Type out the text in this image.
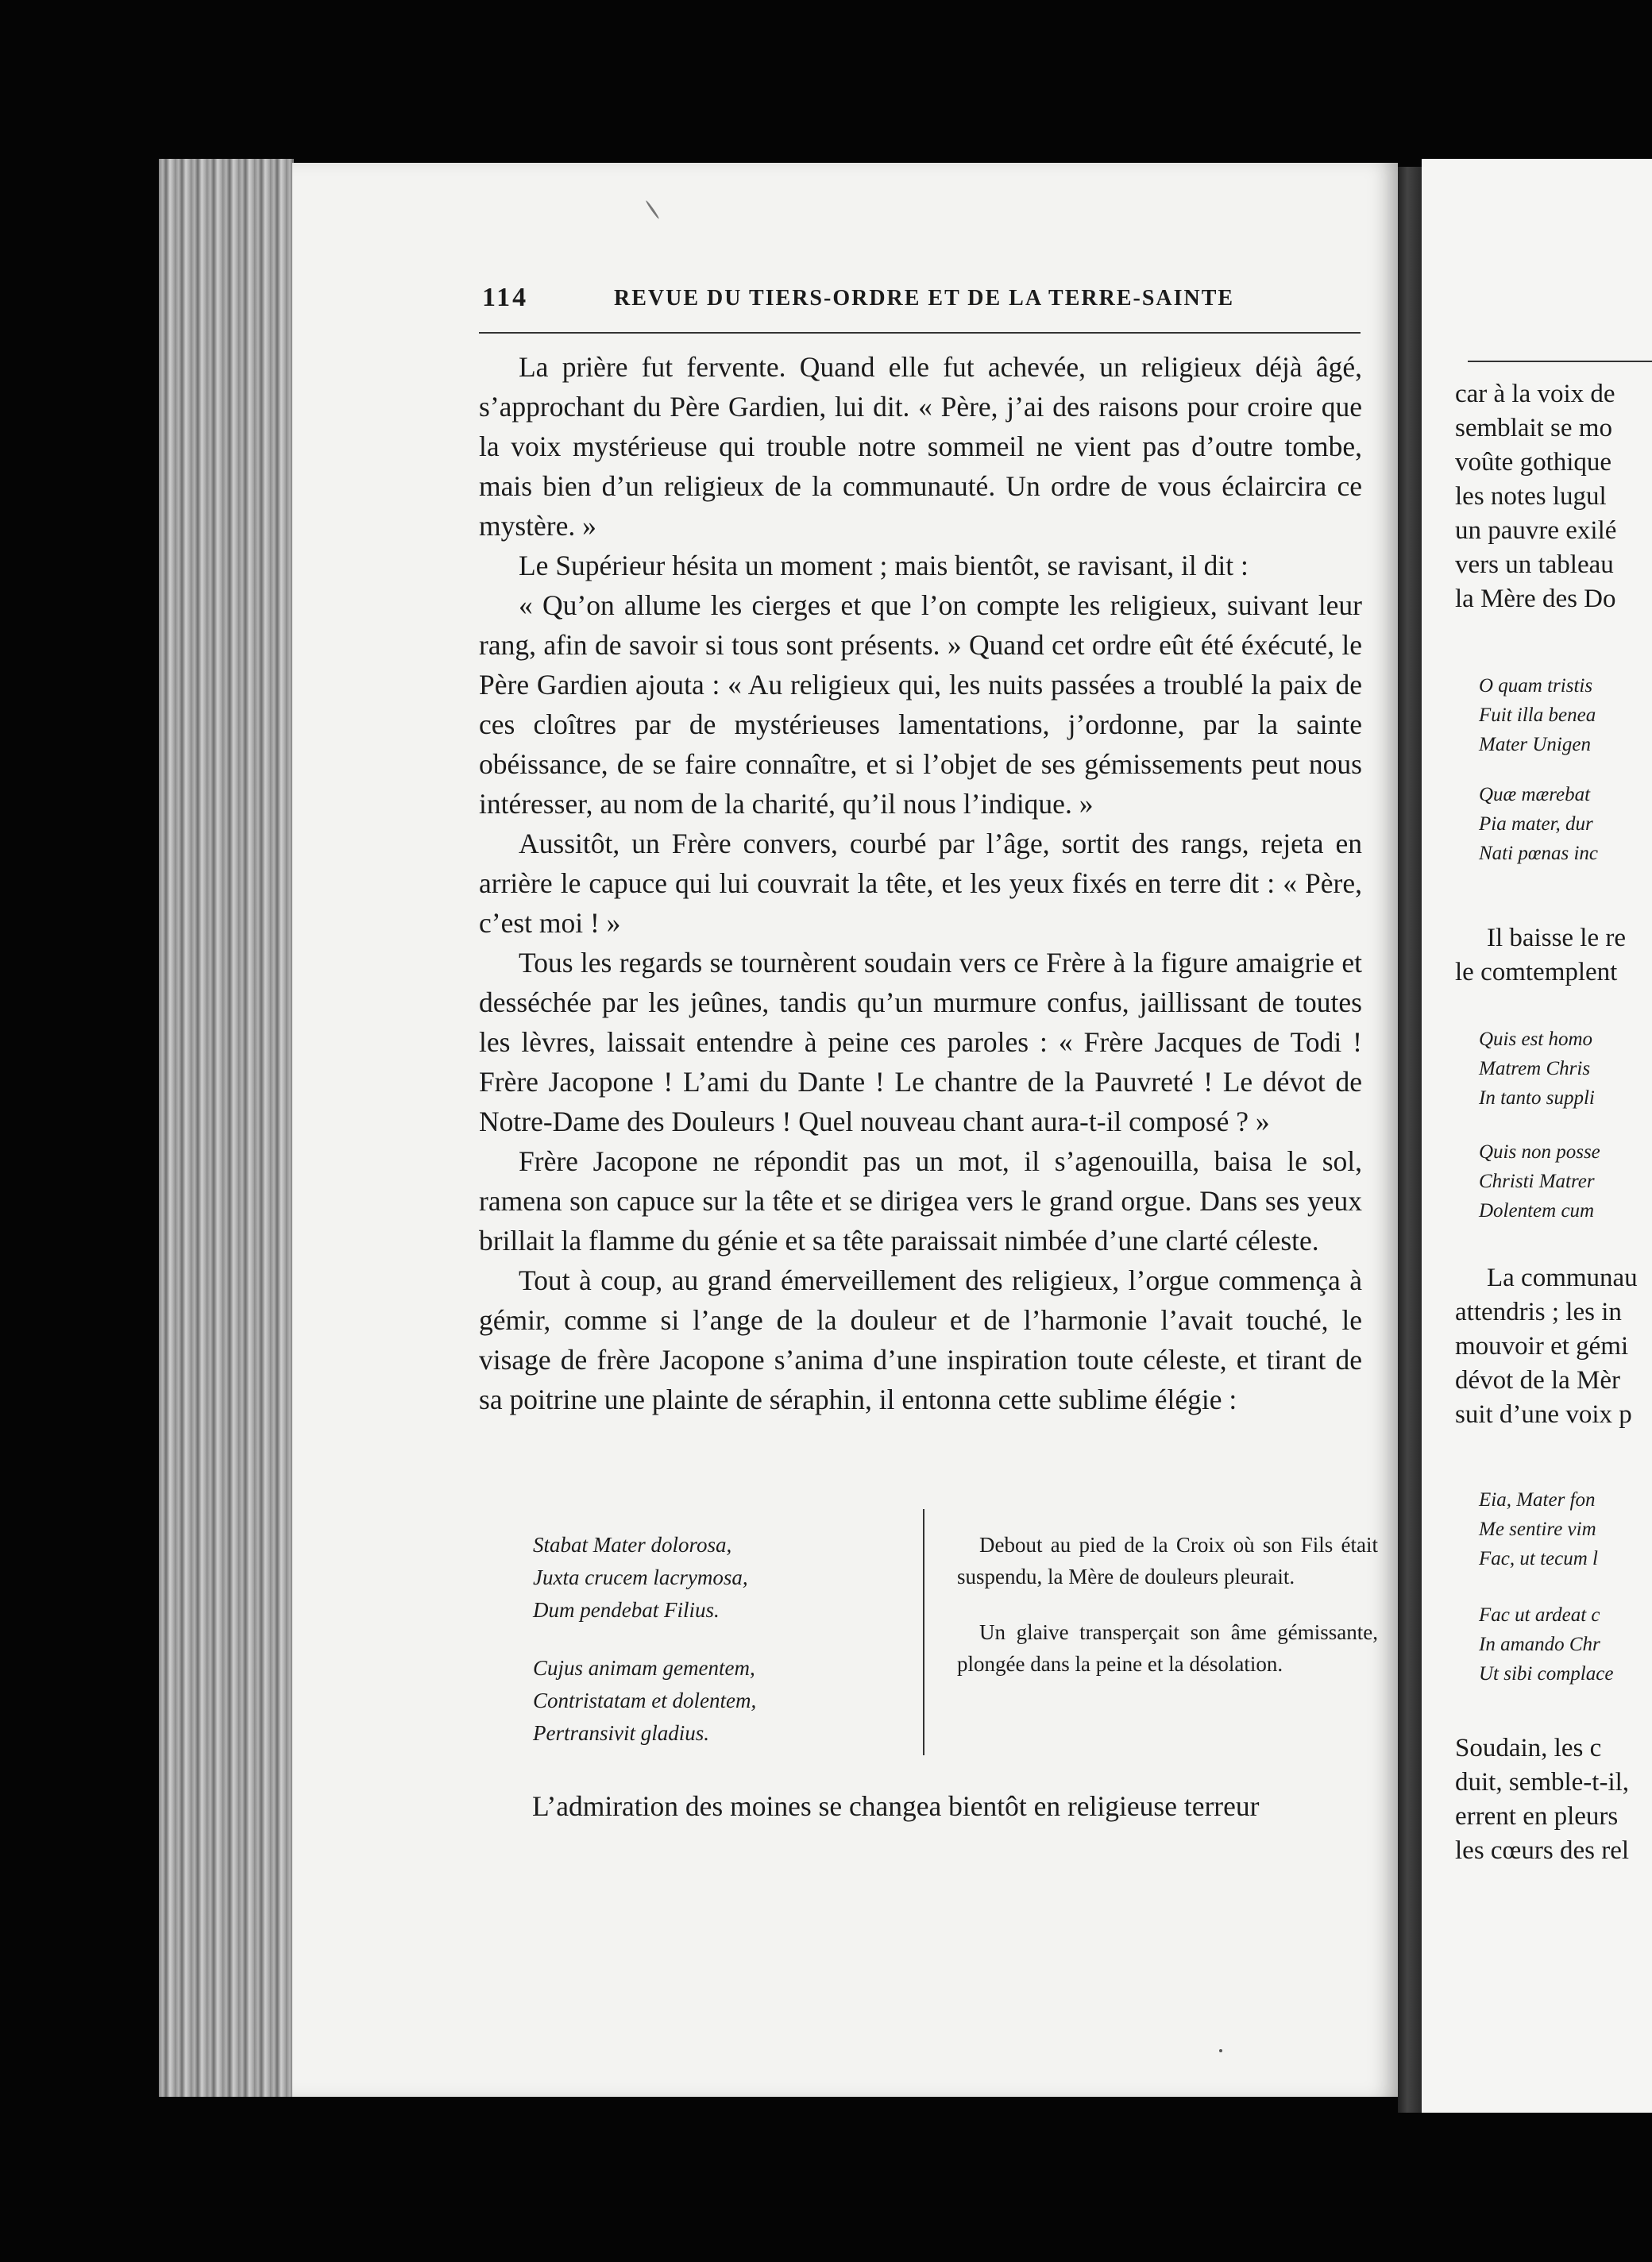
114	REVUE DU TIERS-ORDRE ET DE LA TERRE-SAINTE

La prière fut fervente. Quand elle fut achevée, un religieux déjà âgé, s’approchant du Père Gardien, lui dit. « Père, j’ai des raisons pour croire que la voix mystérieuse qui trouble notre sommeil ne vient pas d’outre tombe, mais bien d’un religieux de la communauté. Un ordre de vous éclaircira ce mystère. »

Le Supérieur hésita un moment ; mais bientôt, se ravisant, il dit :

« Qu’on allume les cierges et que l’on compte les religieux, suivant leur rang, afin de savoir si tous sont présents. » Quand cet ordre eût été éxécuté, le Père Gardien ajouta : « Au religieux qui, les nuits passées a troublé la paix de ces cloîtres par de mystérieuses lamentations, j’ordonne, par la sainte obéissance, de se faire connaître, et si l’objet de ses gémissements peut nous intéresser, au nom de la charité, qu’il nous l’indique. »

Aussitôt, un Frère convers, courbé par l’âge, sortit des rangs, rejeta en arrière le capuce qui lui couvrait la tête, et les yeux fixés en terre dit : « Père, c’est moi ! »

Tous les regards se tournèrent soudain vers ce Frère à la figure amaigrie et desséchée par les jeûnes, tandis qu’un murmure confus, jaillissant de toutes les lèvres, laissait entendre à peine ces paroles : « Frère Jacques de Todi ! Frère Jacopone ! L’ami du Dante ! Le chantre de la Pauvreté ! Le dévot de Notre-Dame des Douleurs ! Quel nouveau chant aura-t-il composé ? »

Frère Jacopone ne répondit pas un mot, il s’agenouilla, baisa le sol, ramena son capuce sur la tête et se dirigea vers le grand orgue. Dans ses yeux brillait la flamme du génie et sa tête paraissait nimbée d’une clarté céleste.

Tout à coup, au grand émerveillement des religieux, l’orgue commença à gémir, comme si l’ange de la douleur et de l’harmonie l’avait touché, le visage de frère Jacopone s’anima d’une inspiration toute céleste, et tirant de sa poitrine une plainte de séraphin, il entonna cette sublime élégie :

Stabat Mater dolorosa,
Juxta crucem lacrymosa,
Dum pendebat Filius.
Cujus animam gementem,
Contristatam et dolentem,
Pertransivit gladius.

Debout au pied de la Croix où son Fils était suspendu, la Mère de douleurs pleurait.

Un glaive transperçait son âme gémissante, plongée dans la peine et la désolation.

L’admiration des moines se changea bientôt en religieuse terreur
car à la voix de
semblait se mo
voûte gothique
les notes lugul
un pauvre exilé
vers un tableau
la Mère des Do
O quam tristis
Fuit illa benea
Mater Unigen
Quæ mærebat
Pia mater, dur
Nati pœnas inc
Il baisse le re
le comtemplent
Quis est homo
Matrem Chris
In tanto suppli
Quis non posse
Christi Matrer
Dolentem cum
La communau
attendris ; les in
mouvoir et gémi
dévot de la Mèr
suit d’une voix p
Eia, Mater fon
Me sentire vim
Fac, ut tecum l
Fac ut ardeat c
In amando Chr
Ut sibi complace
Soudain, les c
duit, semble-t-il,
errent en pleurs
les cœurs des rel
